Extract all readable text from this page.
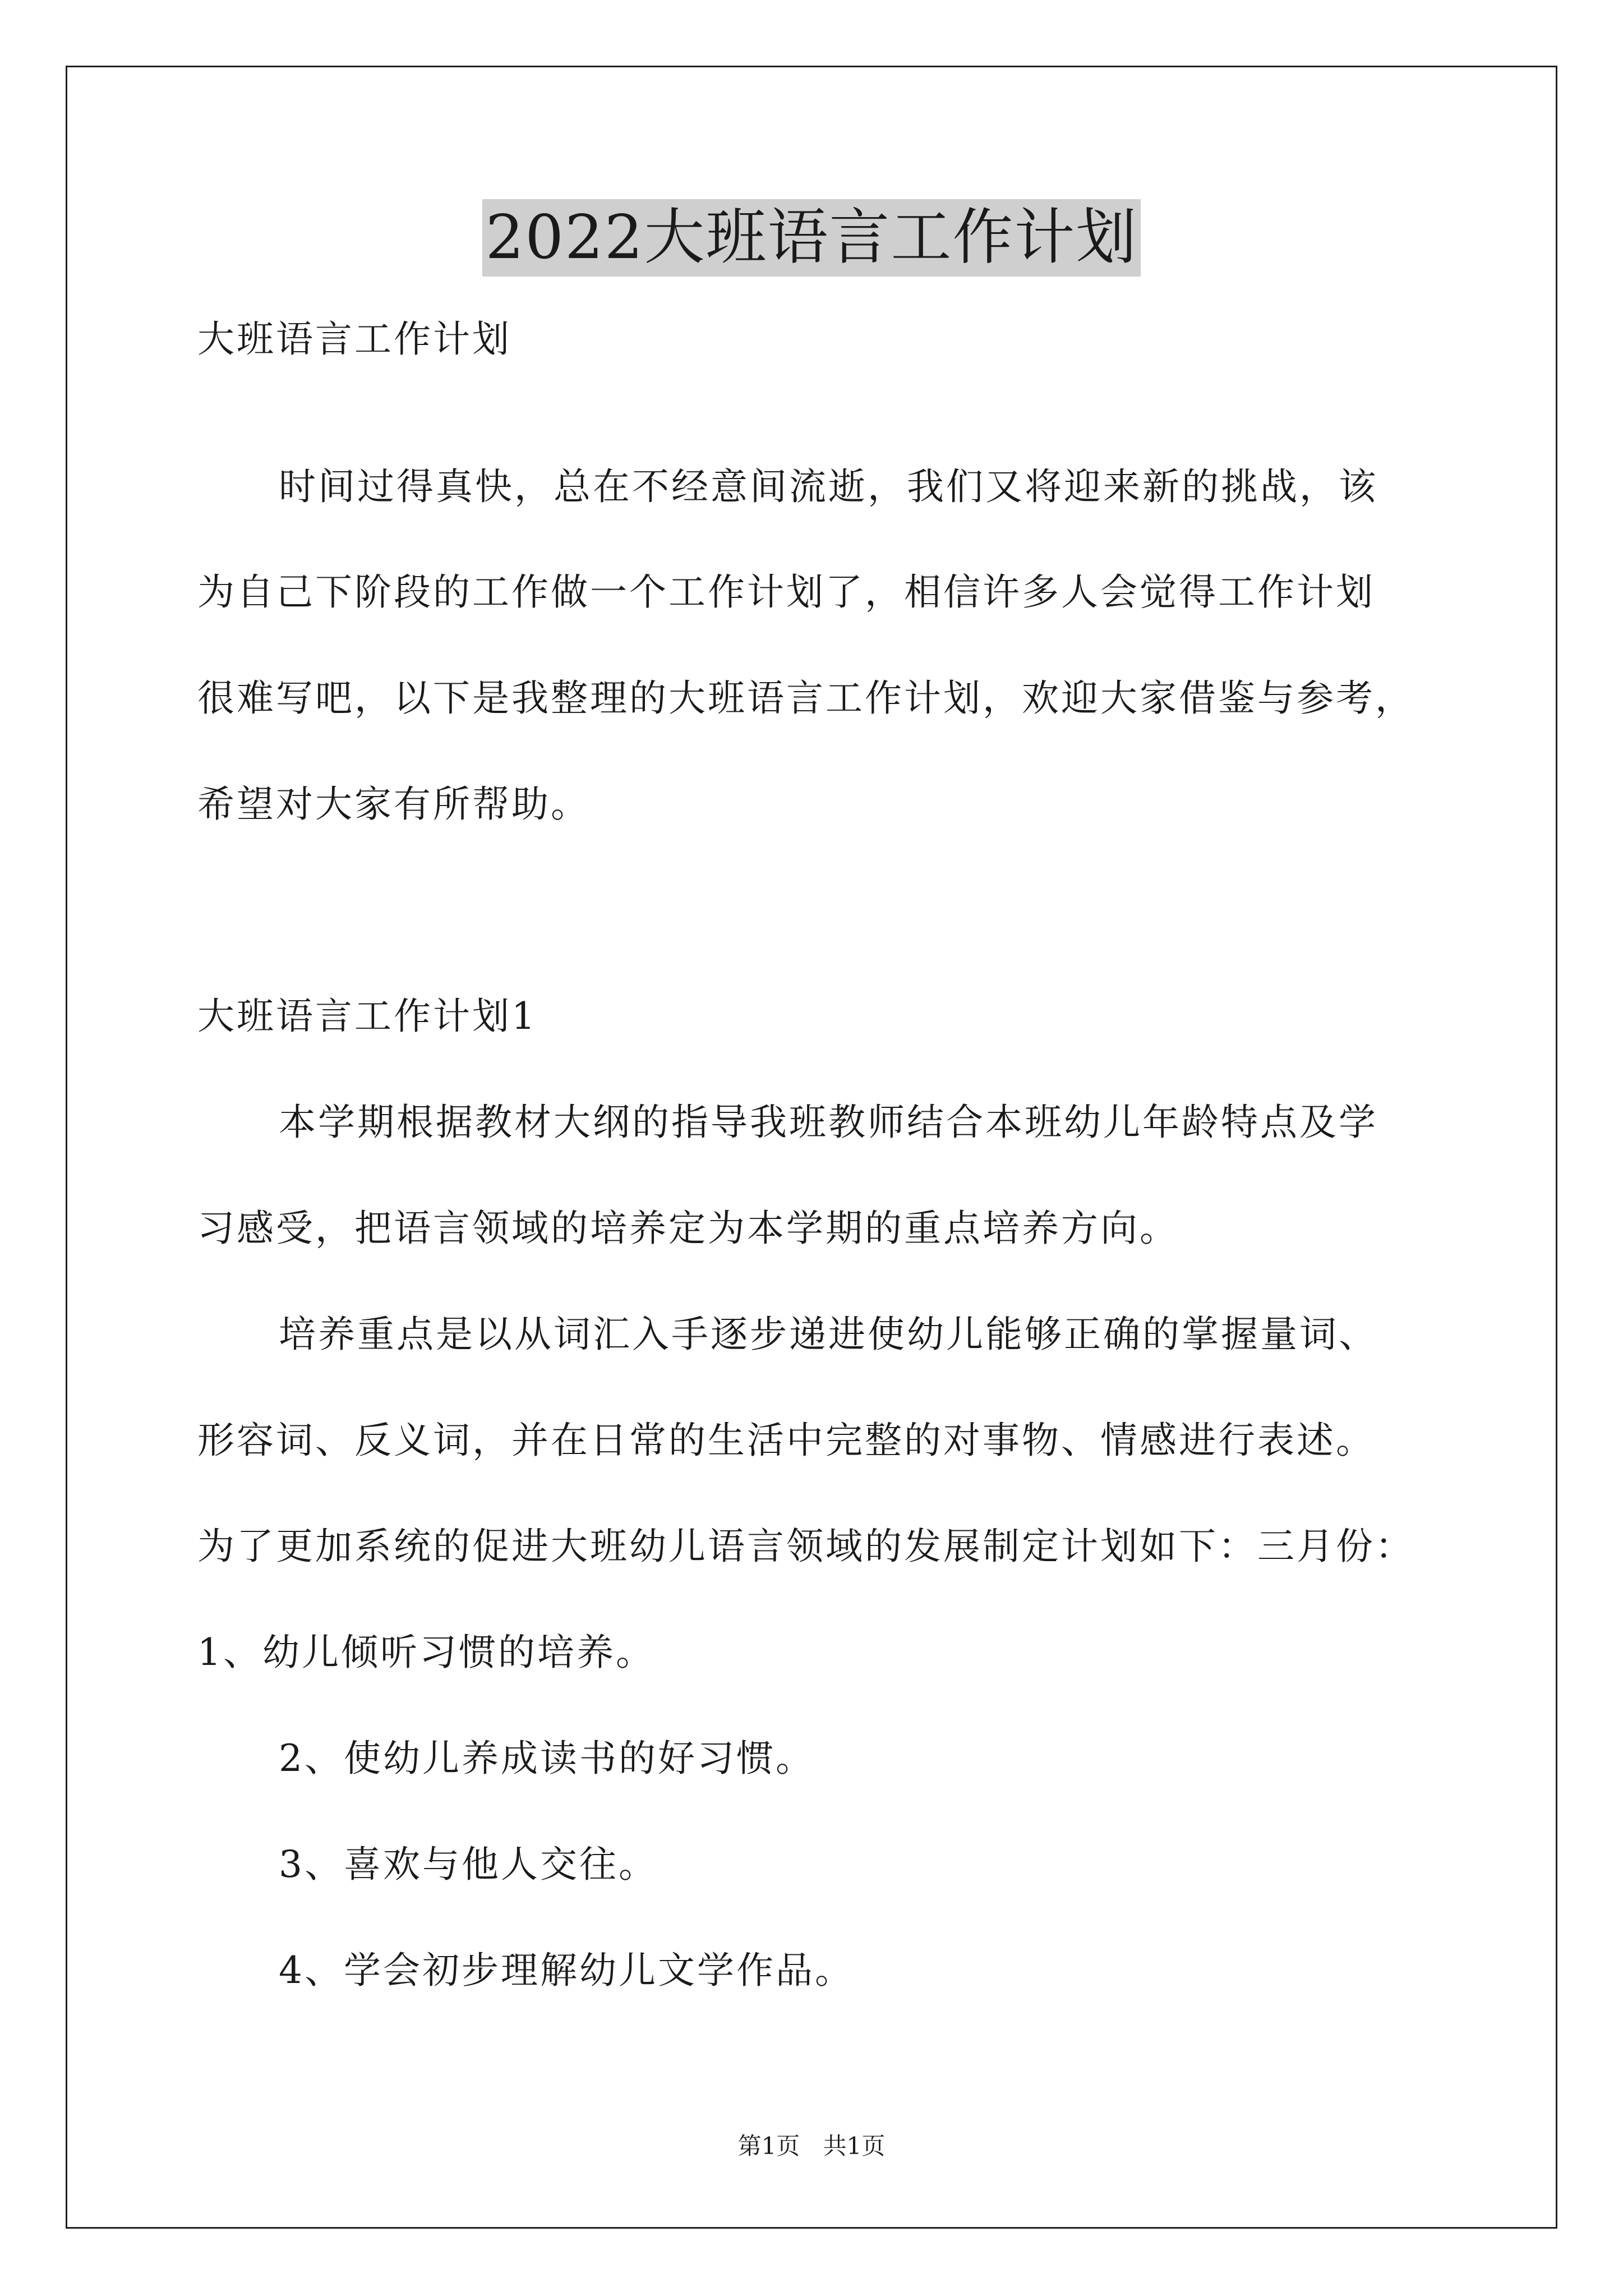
2022大班语言工作计划
大班语言工作计划
时间过得真快，总在不经意间流逝，我们又将迎来新的挑战，该
为自己下阶段的工作做一个工作计划了，相信许多人会觉得工作计划
很难写吧，以下是我整理的大班语言工作计划，欢迎大家借鉴与参考，
希望对大家有所帮助。
大班语言工作计划1
本学期根据教材大纲的指导我班教师结合本班幼儿年龄特点及学
习感受，把语言领域的培养定为本学期的重点培养方向。
培养重点是以从词汇入手逐步递进使幼儿能够正确的掌握量词、
形容词、反义词，并在日常的生活中完整的对事物、情感进行表述。
为了更加系统的促进大班幼儿语言领域的发展制定计划如下：三月份：
1、幼儿倾听习惯的培养。
2、使幼儿养成读书的好习惯。
3、喜欢与他人交往。
4、学会初步理解幼儿文学作品。
第1页 共1页
